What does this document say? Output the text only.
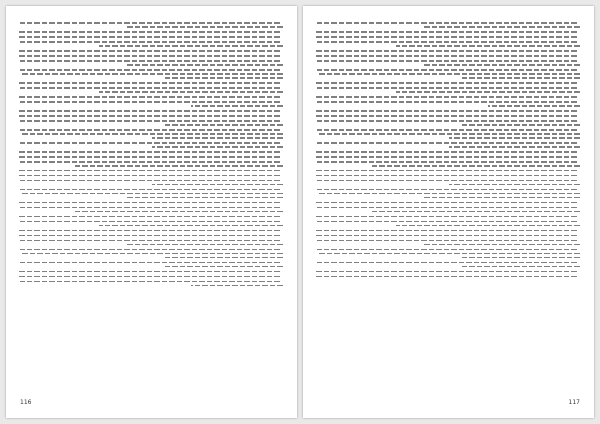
116	117
